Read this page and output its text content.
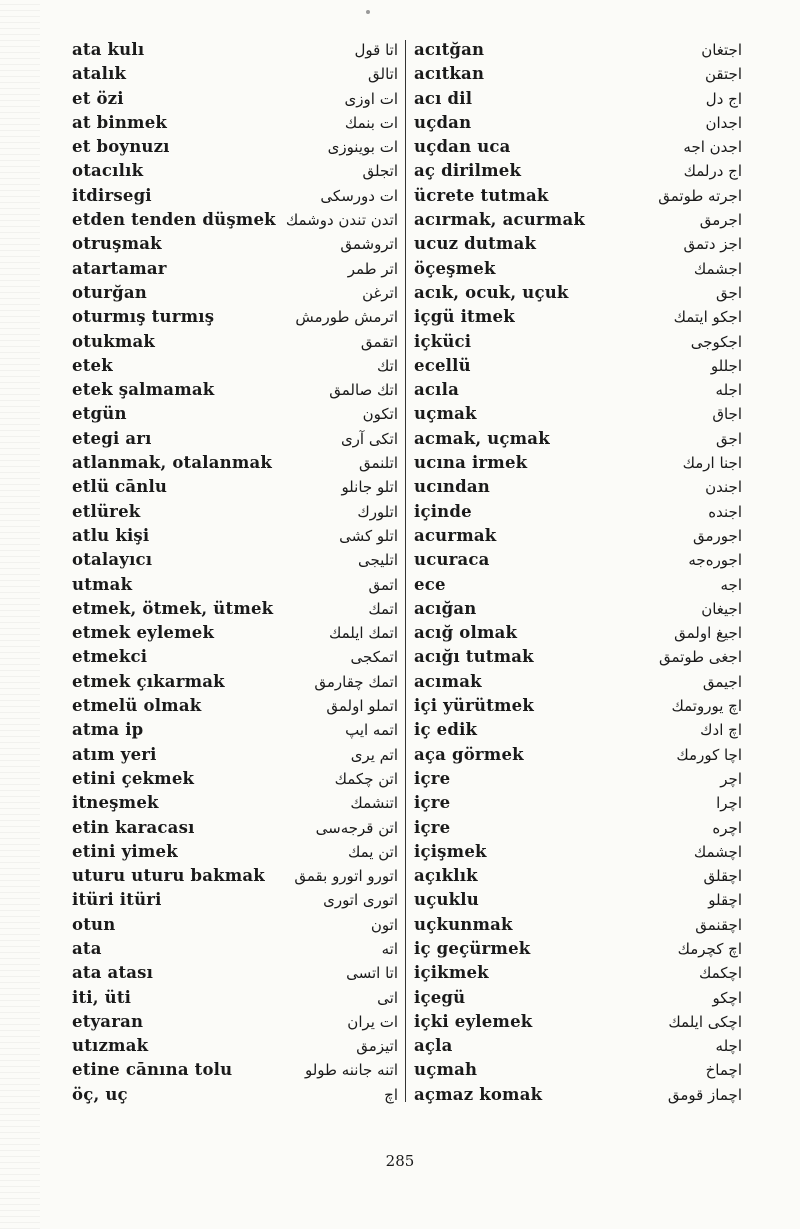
ata kulı	اتا قول
atalık	اتالق
et özi	ات اوزی
at binmek	ات بنمك
et boynuzı	ات بوینوزی
otacılık	اتجلق
itdirsegi	ات دورسكی
etden tenden düşmek اتدن تندن دوشمك
otruşmak	اتروشمق
atartamar	اتر طمر
oturğan	اترغن
oturmış turmış	اترمش طورمش
otukmak	اتقمق
etek	اتك
etek şalmamak	اتك صالمق
etgün	اتكون
etegi arı	اتكی آری
atlanmak, otalanmak	اتلنمق
etlü cānlu	اتلو جانلو
etlürek	اتلورك
atlu kişi	اتلو كشی
otalayıcı	اتليجی
utmak	اتمق
etmek, ötmek, ütmek	اتمك
etmek eylemek	اتمك ايلمك
etmekci	اتمكجی
etmek çıkarmak	اتمك چقارمق
etmelü olmak	اتملو اولمق
atma ip	اتمه ايپ
atım yeri	اتم يری
etini çekmek	اتن چكمك
itneşmek	اتنشمك
etin karacası	اتن قرجه‌سی
etini yimek	اتن يمك
uturu uturu bakmak اتورو اتورو بقمق
itüri itüri	اتوری اتوری
otun	اتون
ata	اته
ata atası	اتا اتسی
iti, üti	اتی
etyaran	ات يران
utızmak	اتيزمق
etine cānına tolu	اتنه جاننه طولو
öç, uç	اچ
acıtğan	اجتغان
acıtkan	اجتقن
acı dil	اج دل
uçdan	اجدان
uçdan uca	اجدن اجه
aç dirilmek	اج درلمك
ücrete tutmak	اجرته طوتمق
acırmak, acurmak	اجرمق
ucuz dutmak	اجز دتمق
öçeşmek	اجشمك
acık, ocuk, uçuk	اجق
içgü itmek	اجكو ايتمك
içküci	اجكوجی
ecellü	اجللو
acıla	اجله
uçmak	اجاق
acmak, uçmak	اجق
ucına irmek	اجنا ارمك
ucından	اجندن
içinde	اجنده
acurmak	اجورمق
ucuraca	اجوره‌جه
ece	اجه
acığan	اجيغان
acığ olmak	اجيغ اولمق
acığı tutmak	اجغی طوتمق
acımak	اجيمق
içi yürütmek	اچ يوروتمك
iç edik	اچ ادك
aça görmek	اچا كورمك
içre	اچر
içre	اچرا
içre	اچره
içişmek	اچشمك
açıklık	اچقلق
uçuklu	اچقلو
uçkunmak	اچقنمق
iç geçürmek	اچ كچرمك
içikmek	اچكمك
içegü	اچكو
içki eylemek	اچكی ايلمك
açla	اچله
uçmah	اچماخ
açmaz komak	اچماز قومق
285
